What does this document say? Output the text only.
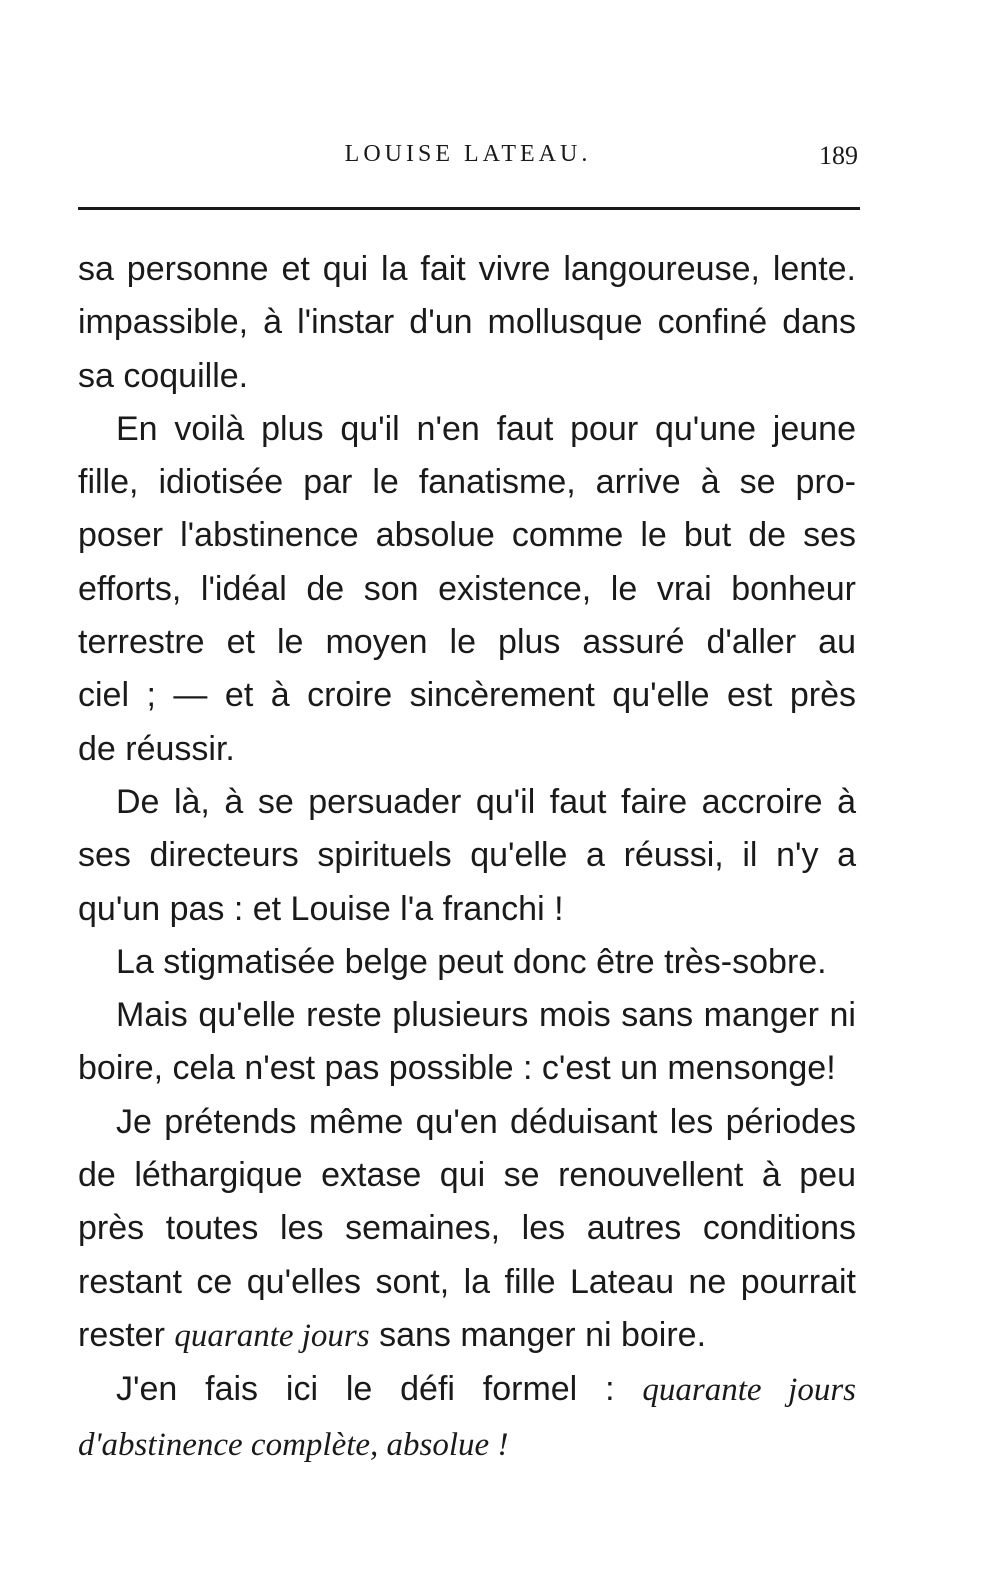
LOUISE LATEAU.	189
sa personne et qui la fait vivre langoureuse, lente.
impassible, à l'instar d'un mollusque confiné dans
sa coquille.
En voilà plus qu'il n'en faut pour qu'une jeune
fille, idiotisée par le fanatisme, arrive à se pro-
poser l'abstinence absolue comme le but de ses
efforts, l'idéal de son existence, le vrai bonheur
terrestre et le moyen le plus assuré d'aller au
ciel ; — et à croire sincèrement qu'elle est près
de réussir.
De là, à se persuader qu'il faut faire accroire à
ses directeurs spirituels qu'elle a réussi, il n'y a
qu'un pas : et Louise l'a franchi !
La stigmatisée belge peut donc être très-sobre.
Mais qu'elle reste plusieurs mois sans manger ni
boire, cela n'est pas possible : c'est un mensonge!
Je prétends même qu'en déduisant les périodes
de léthargique extase qui se renouvellent à peu
près toutes les semaines, les autres conditions
restant ce qu'elles sont, la fille Lateau ne pourrait
rester quarante jours sans manger ni boire.
J'en fais ici le défi formel : quarante jours
d'abstinence complète, absolue !
